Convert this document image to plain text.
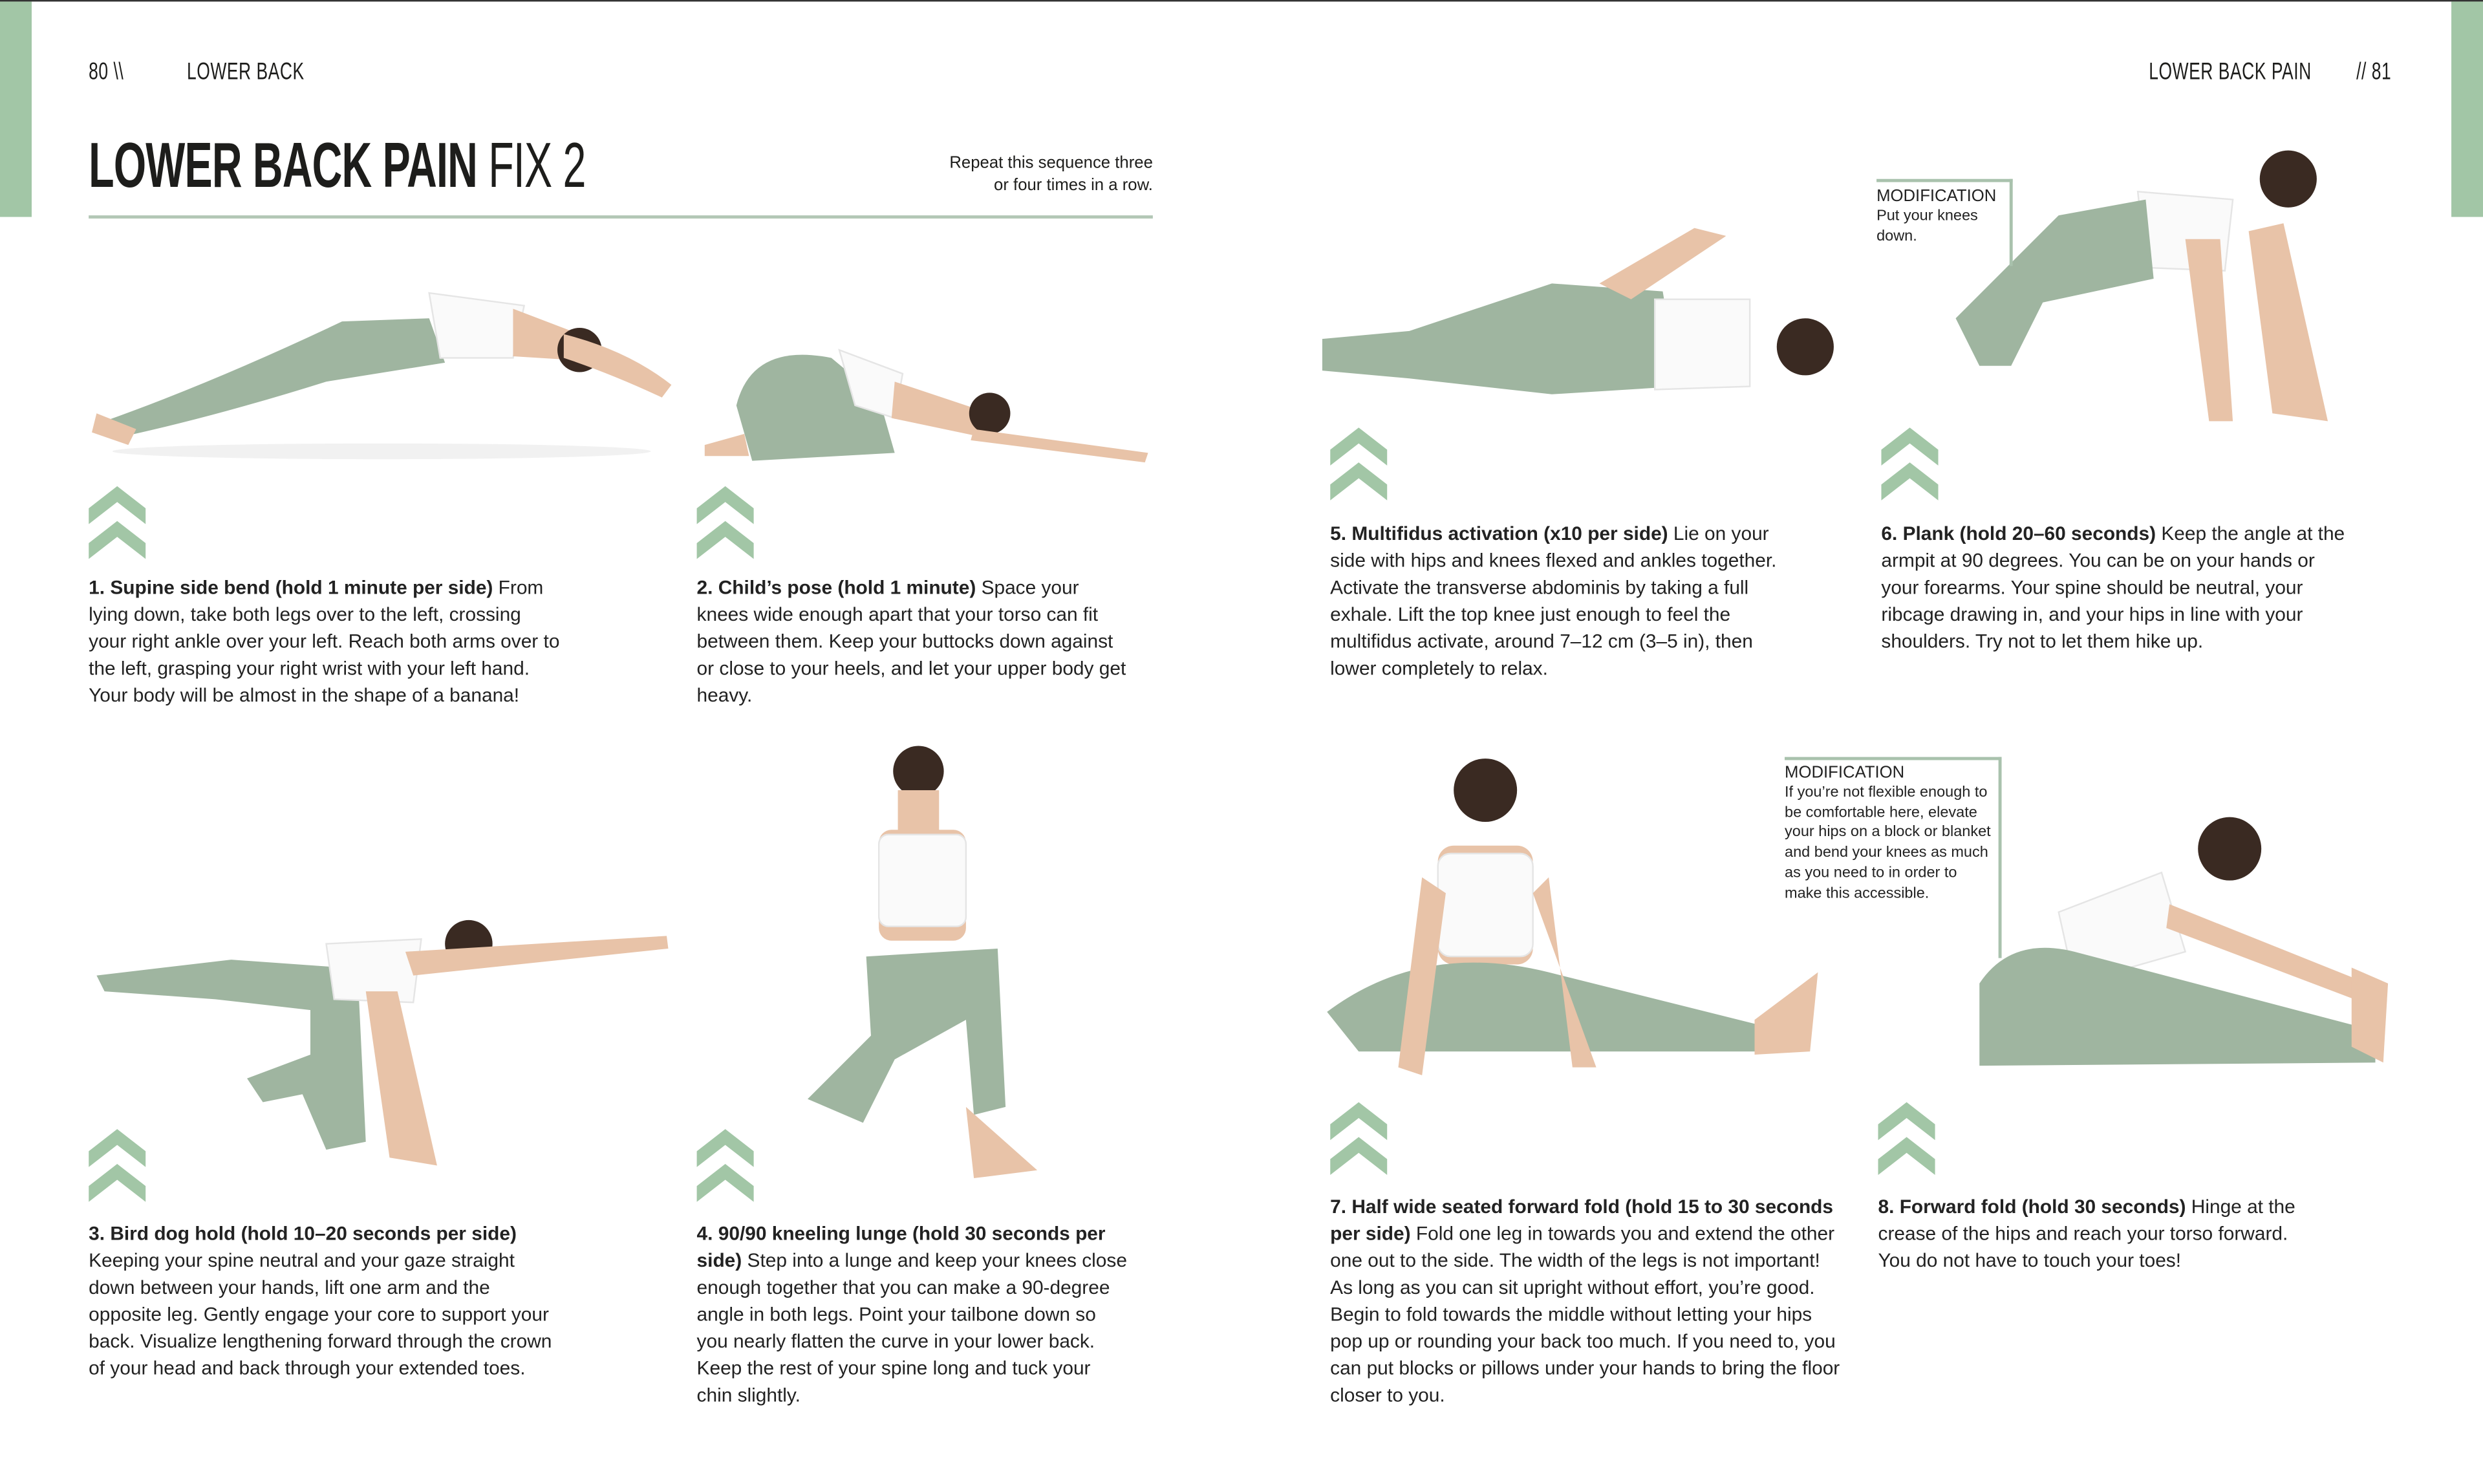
80 \\	LOWER BACK	LOWER BACK PAIN	// 81
LOWER BACK PAIN FIX 2	Repeat this sequence three
or four times in a row.
1. Supine side bend (hold 1 minute per side) From lying down, take both legs over to the left, crossing your right ankle over your left. Reach both arms over to the left, grasping your right wrist with your left hand. Your body will be almost in the shape of a banana!
2. Child’s pose (hold 1 minute) Space your knees wide enough apart that your torso can fit between them. Keep your buttocks down against or close to your heels, and let your upper body get heavy.
3. Bird dog hold (hold 10–20 seconds per side) Keeping your spine neutral and your gaze straight down between your hands, lift one arm and the opposite leg. Gently engage your core to support your back. Visualize lengthening forward through the crown of your head and back through your extended toes.
4. 90/90 kneeling lunge (hold 30 seconds per side) Step into a lunge and keep your knees close enough together that you can make a 90-degree angle in both legs. Point your tailbone down so you nearly flatten the curve in your lower back. Keep the rest of your spine long and tuck your chin slightly.
5. Multifidus activation (x10 per side) Lie on your side with hips and knees flexed and ankles together. Activate the transverse abdominis by taking a full exhale. Lift the top knee just enough to feel the multifidus activate, around 7–12 cm (3–5 in), then lower completely to relax.
6. Plank (hold 20–60 seconds) Keep the angle at the armpit at 90 degrees. You can be on your hands or your forearms. Your spine should be neutral, your ribcage drawing in, and your hips in line with your shoulders. Try not to let them hike up.
7. Half wide seated forward fold (hold 15 to 30 seconds per side) Fold one leg in towards you and extend the other one out to the side. The width of the legs is not important! As long as you can sit upright without effort, you’re good. Begin to fold towards the middle without letting your hips pop up or rounding your back too much. If you need to, you can put blocks or pillows under your hands to bring the floor closer to you.
8. Forward fold (hold 30 seconds) Hinge at the crease of the hips and reach your torso forward. You do not have to touch your toes!
MODIFICATION
Put your knees down.
MODIFICATION
If you’re not flexible enough to be comfortable here, elevate your hips on a block or blanket and bend your knees as much as you need to in order to make this accessible.
